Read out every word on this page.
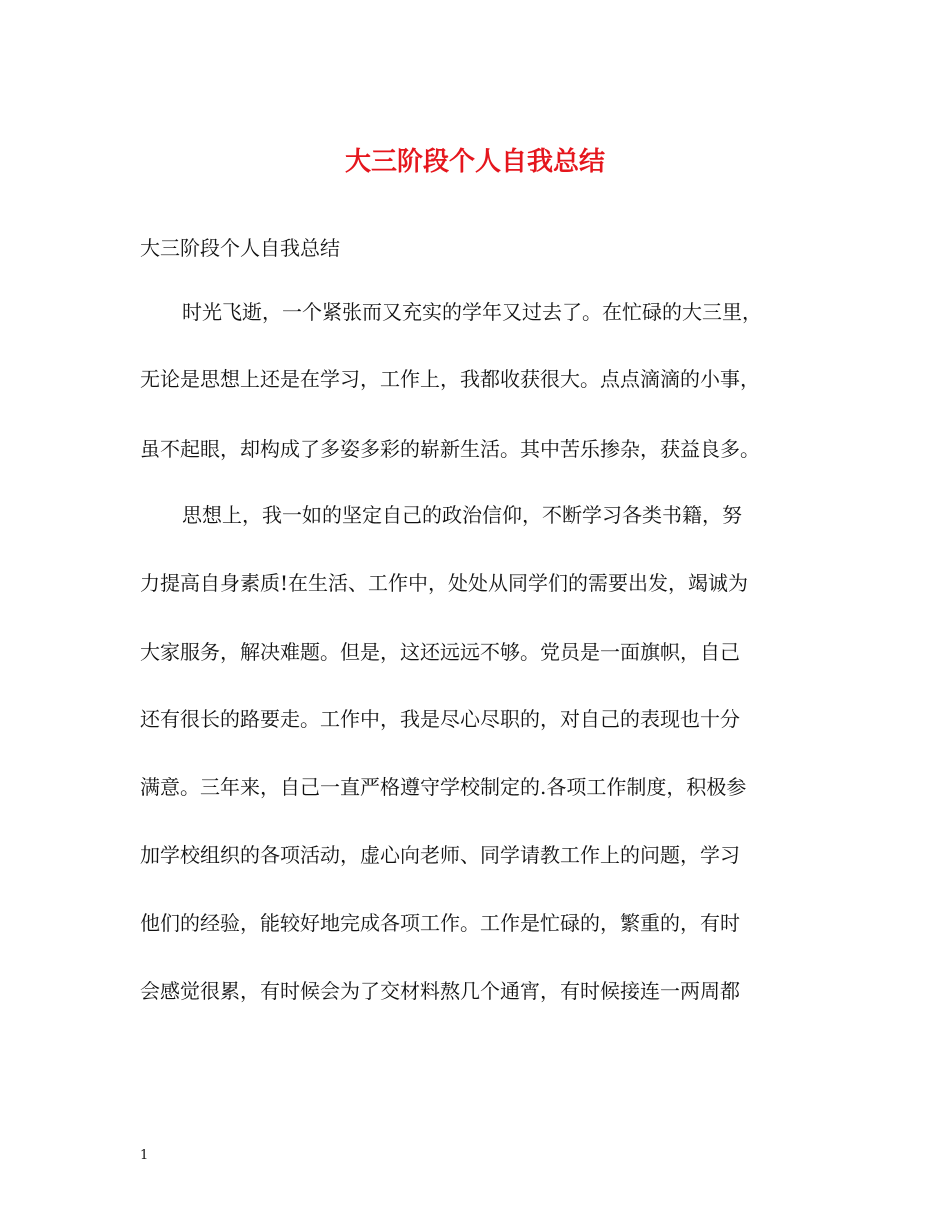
大三阶段个人自我总结

大三阶段个人自我总结

时光飞逝，一个紧张而又充实的学年又过去了。在忙碌的大三里，

无论是思想上还是在学习，工作上，我都收获很大。点点滴滴的小事，

虽不起眼，却构成了多姿多彩的崭新生活。其中苦乐掺杂，获益良多。

思想上，我一如的坚定自己的政治信仰，不断学习各类书籍，努

力提高自身素质!在生活、工作中，处处从同学们的需要出发，竭诚为

大家服务，解决难题。但是，这还远远不够。党员是一面旗帜，自己

还有很长的路要走。工作中，我是尽心尽职的，对自己的表现也十分

满意。三年来，自己一直严格遵守学校制定的.各项工作制度，积极参

加学校组织的各项活动，虚心向老师、同学请教工作上的问题，学习

他们的经验，能较好地完成各项工作。工作是忙碌的，繁重的，有时

会感觉很累，有时候会为了交材料熬几个通宵，有时候接连一两周都

1
